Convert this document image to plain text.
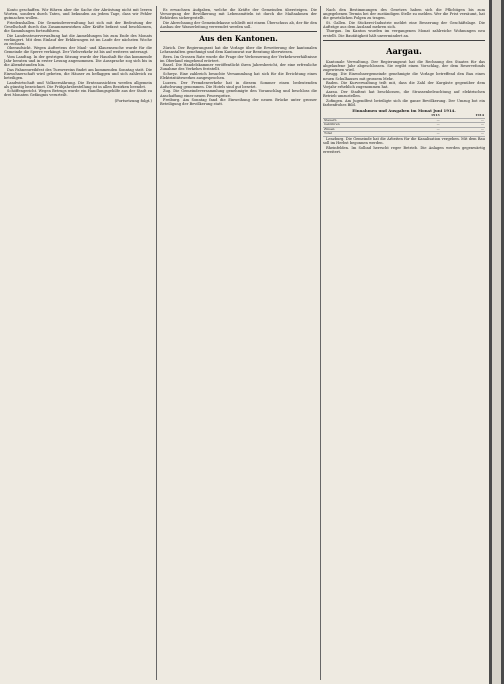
Konto geschaffen. Wir führen aber die Sache der Abrüstung nicht mit leeren Worten, sondern durch Taten, und bekunden an jedem Tage, dass wir Fehler gutmachen wollen.

Friedenshallen. Die Gemeindeverwaltung hat sich mit der Bedeutung der Gesellschaft durch das Zusammenwirken aller Kräfte befasst und beschlossen, die Sammlungen fortzuführen.

Die Landessteuerverwaltung hat die Anmeldungen bis zum Ende des Monats verlängert. Mit dem Einlauf der Erklärungen ist im Laufe der nächsten Woche zu rechnen.

Oberaufsicht. Wegen Auftretens der Maul- und Klauenseuche wurde für die Gemeinde die Sperre verhängt. Der Viehverkehr ist bis auf weiteres untersagt.

Vom Landtag. In der gestrigen Sitzung wurde der Haushalt für das kommende Jahr beraten und in erster Lesung angenommen. Die Aussprache zog sich bis in die Abendstunden hin.

Das Fahnenweihfest des Turnvereins findet am kommenden Sonntag statt. Die Einwohnerschaft wird gebeten, die Häuser zu beflaggen und sich zahlreich zu beteiligen.

Landwirtschaft und Volksernährung. Die Ernteaussichten werden allgemein als günstig bezeichnet. Die Frühjahrsbestellung ist in allen Bezirken beendet.

Schöffengericht. Wegen Betrugs wurde ein Handlungsgehilfe aus der Stadt zu drei Monaten Gefängnis verurteilt.

(Fortsetzung folgt.)

Es erwachsen Aufgaben, welche die Kräfte der Gemeinden übersteigen. Die Versorgung der Bevölkerung mit Lebensmitteln ist durch die Maßnahmen der Behörden sichergestellt.

Die Abrechnung der Gemeindekasse schließt mit einem Überschuss ab, der für den Ausbau der Wasserleitung verwendet werden soll.

Aus den Kantonen.

Zürich. Der Regierungsrat hat die Vorlage über die Erweiterung der kantonalen Lehranstalten genehmigt und dem Kantonsrat zur Beratung überwiesen.

Bern. Im Grossen Rate wurde die Frage der Verbesserung der Verkehrsverhältnisse im Oberland eingehend erörtert.

Basel. Die Handelskammer veröffentlicht ihren Jahresbericht, der eine erfreuliche Zunahme des Verkehrs feststellt.

Schwyz. Eine zahlreich besuchte Versammlung hat sich für die Errichtung eines Elektrizitätswerkes ausgesprochen.

Luzern. Der Fremdenverkehr hat in diesem Sommer einen bedeutenden Aufschwung genommen. Die Hotels sind gut besetzt.

Zug. Die Gemeindeversammlung genehmigte den Voranschlag und beschloss die Anschaffung einer neuen Feuerspritze.

Freiburg. Am Sonntag fand die Einweihung der neuen Brücke unter grosser Beteiligung der Bevölkerung statt.

Nach den Bestimmungen des Gesetzes haben sich die Pflichtigen bis zum angegebenen Termin bei der zuständigen Stelle zu melden. Wer die Frist versäumt, hat die gesetzlichen Folgen zu tragen.

St. Gallen. Die Stickerei-Industrie meldet eine Besserung der Geschäftslage. Die Aufträge aus dem Ausland mehren sich.

Thurgau. Im Kanton wurden im vergangenen Monat zahlreiche Wohnungen neu erstellt. Die Bautätigkeit hält unvermindert an.

Aargau.

Kantonale Verwaltung. Der Regierungsrat hat die Rechnung des Staates für das abgelaufene Jahr abgeschlossen. Sie ergibt einen Vorschlag, der dem Reservefonds zugewiesen wird.

Brugg. Die Einwohnergemeinde genehmigte die Vorlage betreffend den Bau eines neuen Schulhauses mit grossem Mehr.

Baden. Die Kurverwaltung teilt mit, dass die Zahl der Kurgäste gegenüber dem Vorjahr erheblich zugenommen hat.

Aarau. Der Stadtrat hat beschlossen, die Strassenbeleuchtung auf elektrischen Betrieb umzustellen.

Zofingen. Am Jugendfest beteiligte sich die ganze Bevölkerung. Der Umzug bot ein farbenfrohes Bild.

Einnahmen und Ausgaben im Monat Juni 1914.
	1913	1914
Steuern	—	—
Gebühren	—	—
Zinsen	—	—
Total	—	—

Lenzburg. Die Gemeinde hat die Arbeiten für die Kanalisation vergeben. Mit dem Bau soll im Herbst begonnen werden.

Rheinfelden. Im Solbad herrscht reger Betrieb. Die Anlagen werden gegenwärtig erweitert.
